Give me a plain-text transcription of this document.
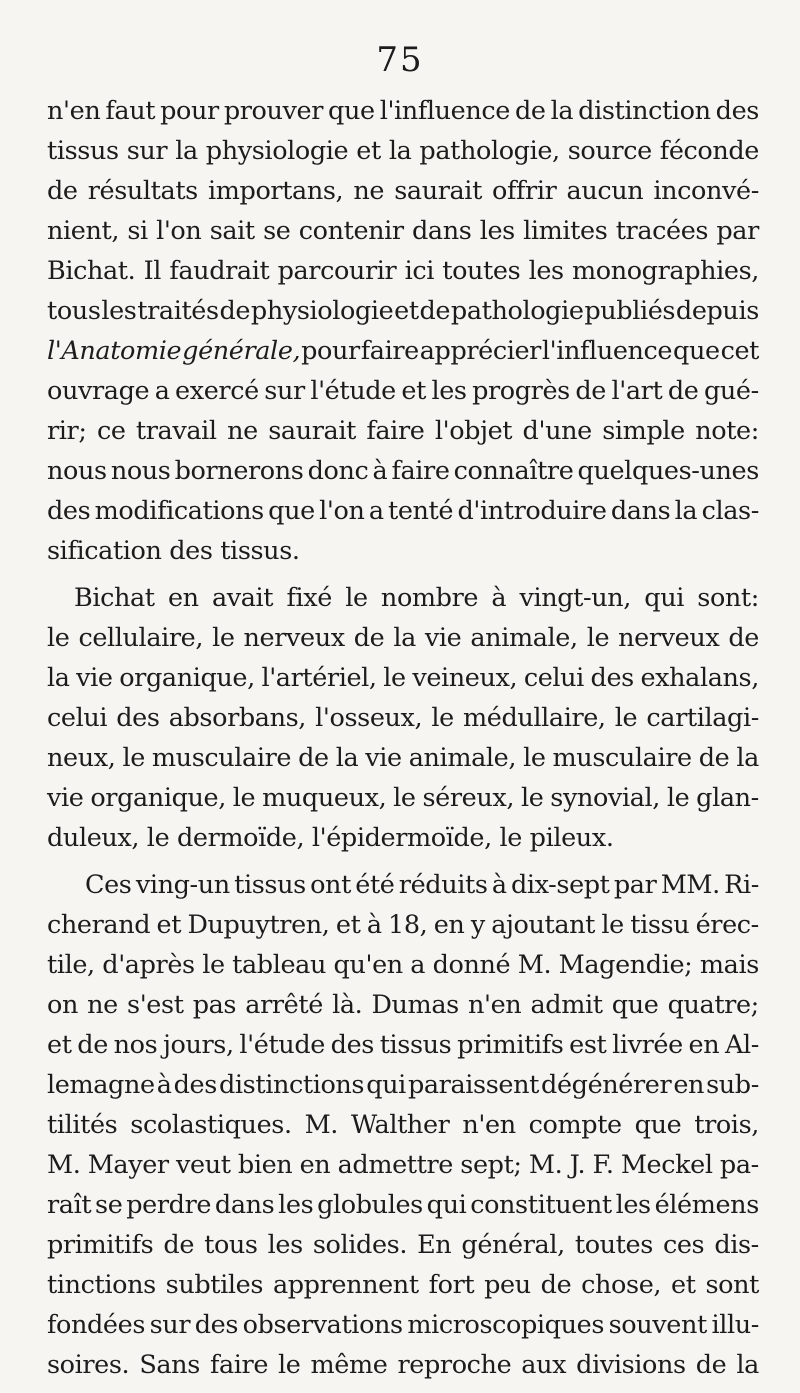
75
n'en faut pour prouver que l'influence de la distinction des
tissus sur la physiologie et la pathologie, source féconde
de résultats importans, ne saurait offrir aucun inconvé-
nient, si l'on sait se contenir dans les limites tracées par
Bichat. Il faudrait parcourir ici toutes les monographies,
tous les traités de physiologie et de pathologie publiés depuis
l'Anatomie générale, pour faire apprécier l'influence que cet
ouvrage a exercé sur l'étude et les progrès de l'art de gué-
rir; ce travail ne saurait faire l'objet d'une simple note:
nous nous bornerons donc à faire connaître quelques-unes
des modifications que l'on a tenté d'introduire dans la clas-
sification des tissus.
Bichat en avait fixé le nombre à vingt-un, qui sont:
le cellulaire, le nerveux de la vie animale, le nerveux de
la vie organique, l'artériel, le veineux, celui des exhalans,
celui des absorbans, l'osseux, le médullaire, le cartilagi-
neux, le musculaire de la vie animale, le musculaire de la
vie organique, le muqueux, le séreux, le synovial, le glan-
duleux, le dermoïde, l'épidermoïde, le pileux.
Ces ving-un tissus ont été réduits à dix-sept par MM. Ri-
cherand et Dupuytren, et à 18, en y ajoutant le tissu érec-
tile, d'après le tableau qu'en a donné M. Magendie; mais
on ne s'est pas arrêté là. Dumas n'en admit que quatre;
et de nos jours, l'étude des tissus primitifs est livrée en Al-
lemagne à des distinctions qui paraissent dégénérer en sub-
tilités scolastiques. M. Walther n'en compte que trois,
M. Mayer veut bien en admettre sept; M. J. F. Meckel pa-
raît se perdre dans les globules qui constituent les élémens
primitifs de tous les solides. En général, toutes ces dis-
tinctions subtiles apprennent fort peu de chose, et sont
fondées sur des observations microscopiques souvent illu-
soires. Sans faire le même reproche aux divisions de la
